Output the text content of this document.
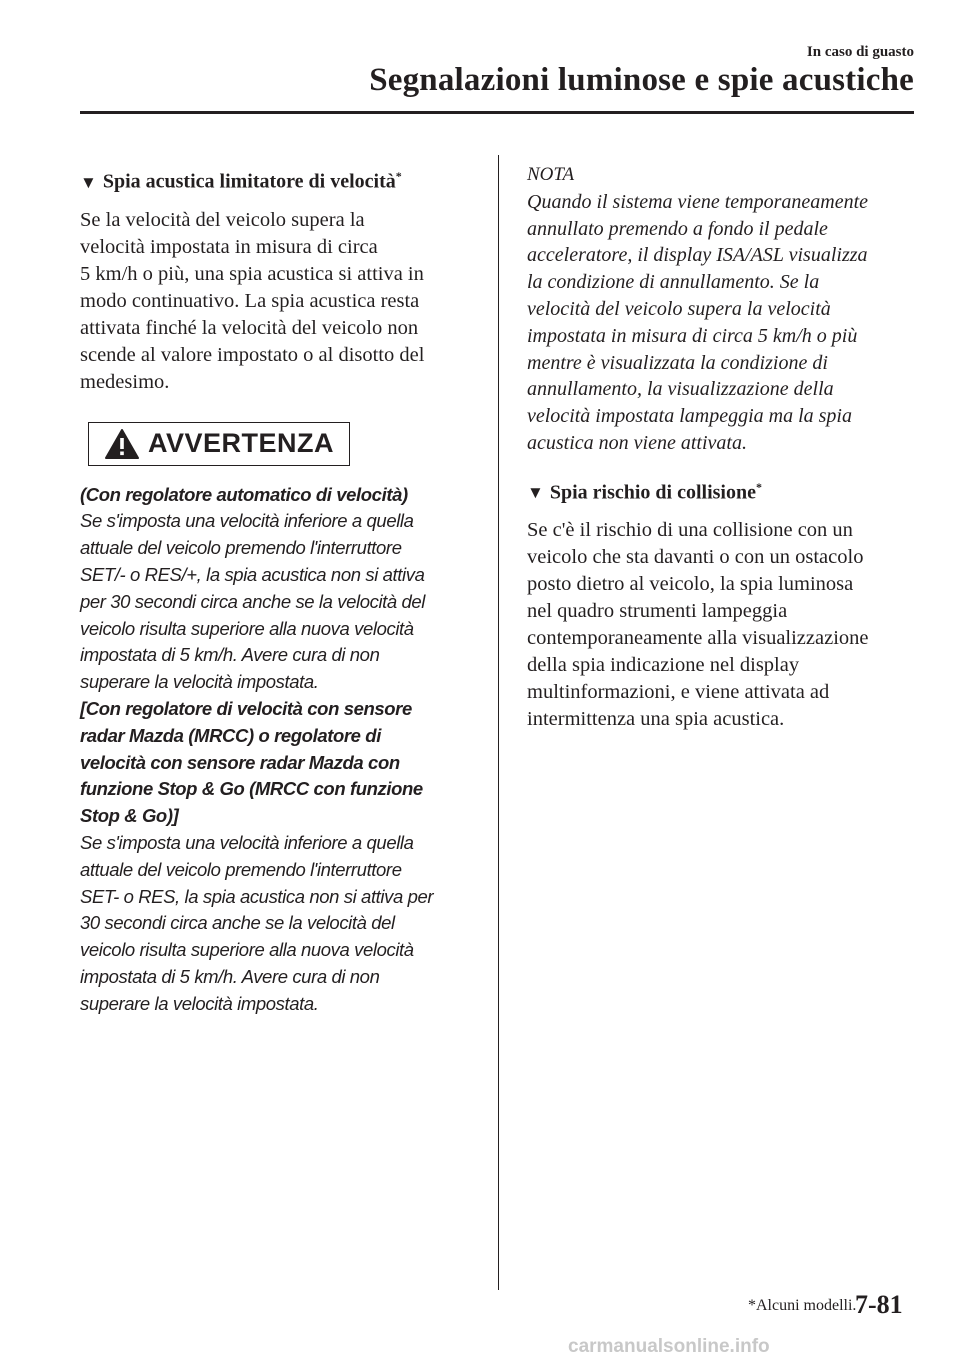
In caso di guasto
Segnalazioni luminose e spie acustiche
▼ Spia acustica limitatore di velocità*
Se la velocità del veicolo supera la
velocità impostata in misura di circa
5 km/h o più, una spia acustica si attiva in
modo continuativo. La spia acustica resta
attivata finché la velocità del veicolo non
scende al valore impostato o al disotto del
medesimo.
AVVERTENZA
(Con regolatore automatico di velocità)
Se s'imposta una velocità inferiore a quella
attuale del veicolo premendo l'interruttore
SET/- o RES/+, la spia acustica non si attiva
per 30 secondi circa anche se la velocità del
veicolo risulta superiore alla nuova velocità
impostata di 5 km/h. Avere cura di non
superare la velocità impostata.
[Con regolatore di velocità con sensore
radar Mazda (MRCC) o regolatore di
velocità con sensore radar Mazda con
funzione Stop & Go (MRCC con funzione
Stop & Go)]
Se s'imposta una velocità inferiore a quella
attuale del veicolo premendo l'interruttore
SET- o RES, la spia acustica non si attiva per
30 secondi circa anche se la velocità del
veicolo risulta superiore alla nuova velocità
impostata di 5 km/h. Avere cura di non
superare la velocità impostata.
NOTA
Quando il sistema viene temporaneamente
annullato premendo a fondo il pedale
acceleratore, il display ISA/ASL visualizza
la condizione di annullamento. Se la
velocità del veicolo supera la velocità
impostata in misura di circa 5 km/h o più
mentre è visualizzata la condizione di
annullamento, la visualizzazione della
velocità impostata lampeggia ma la spia
acustica non viene attivata.
▼ Spia rischio di collisione*
Se c'è il rischio di una collisione con un
veicolo che sta davanti o con un ostacolo
posto dietro al veicolo, la spia luminosa
nel quadro strumenti lampeggia
contemporaneamente alla visualizzazione
della spia indicazione nel display
multinformazioni, e viene attivata ad
intermittenza una spia acustica.
*Alcuni modelli.
7-81
carmanualsonline.info
